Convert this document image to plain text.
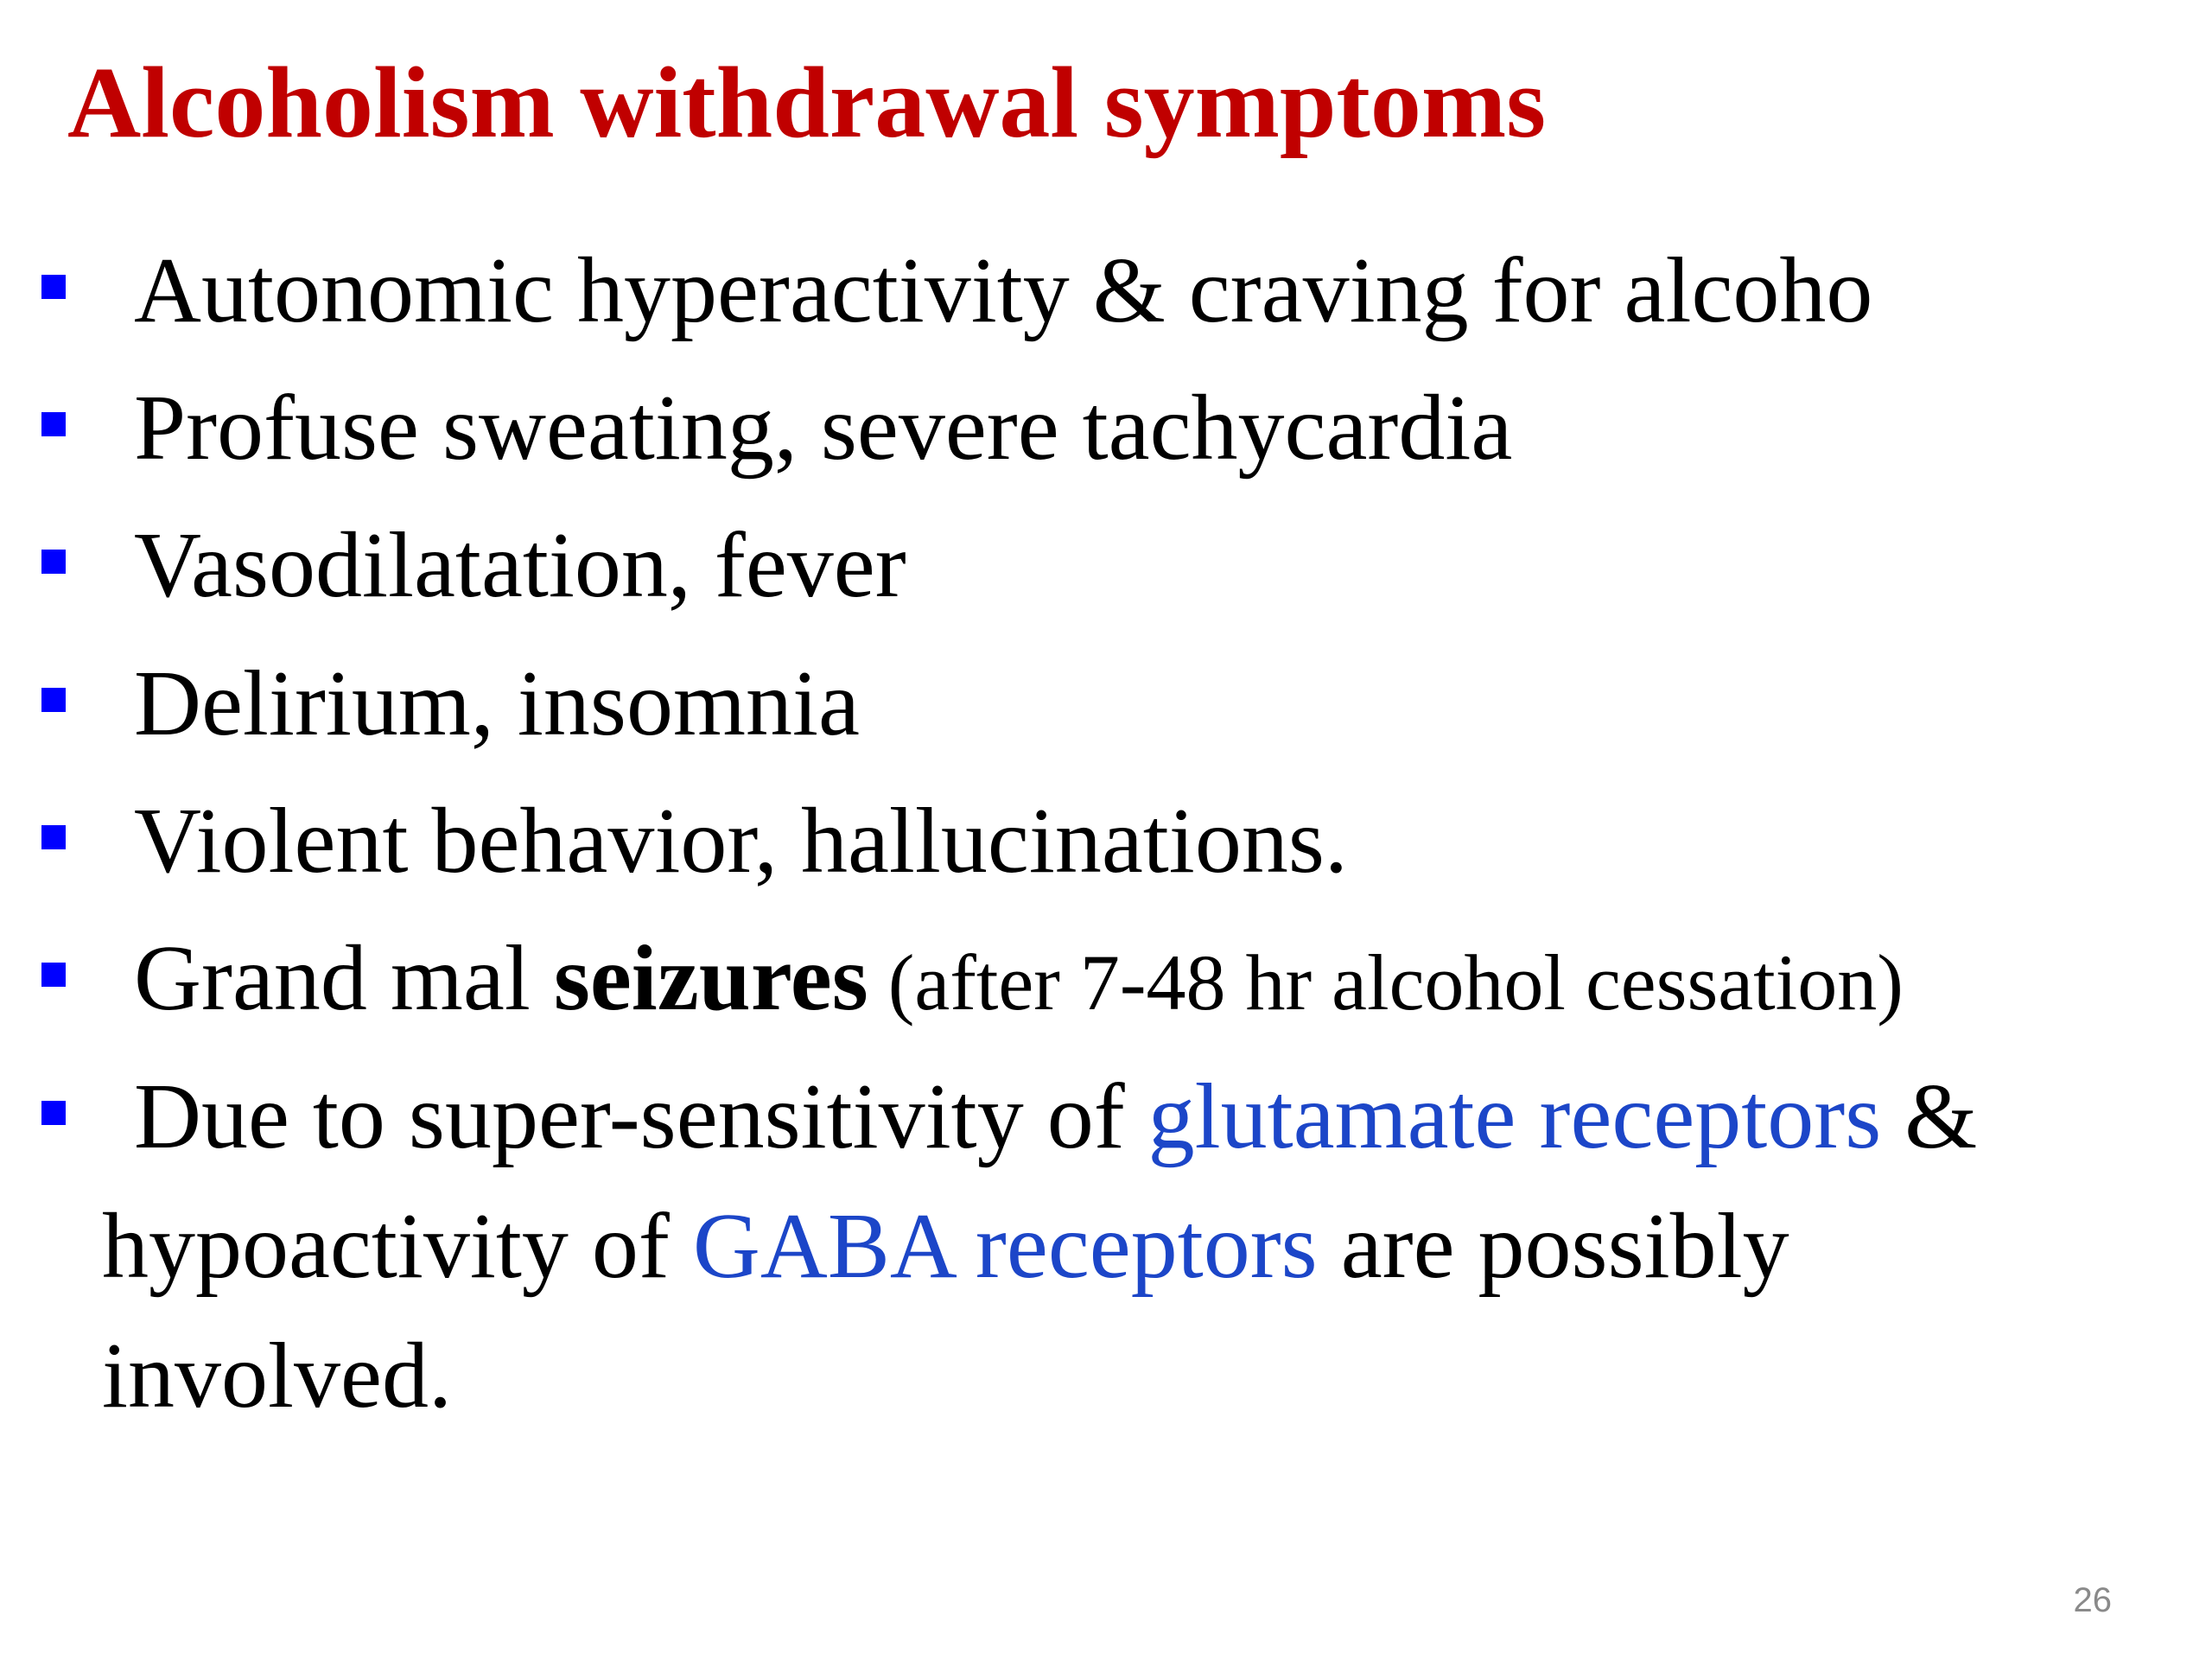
Alcoholism withdrawal symptoms
Autonomic hyperactivity & craving for alcoho
Profuse sweating, severe tachycardia
Vasodilatation, fever
Delirium, insomnia
Violent behavior, hallucinations.
Grand mal seizures (after 7-48 hr alcohol cessation)
Due to super-sensitivity of glutamate receptors &
hypoactivity of GABA receptors are possibly
involved.
26
